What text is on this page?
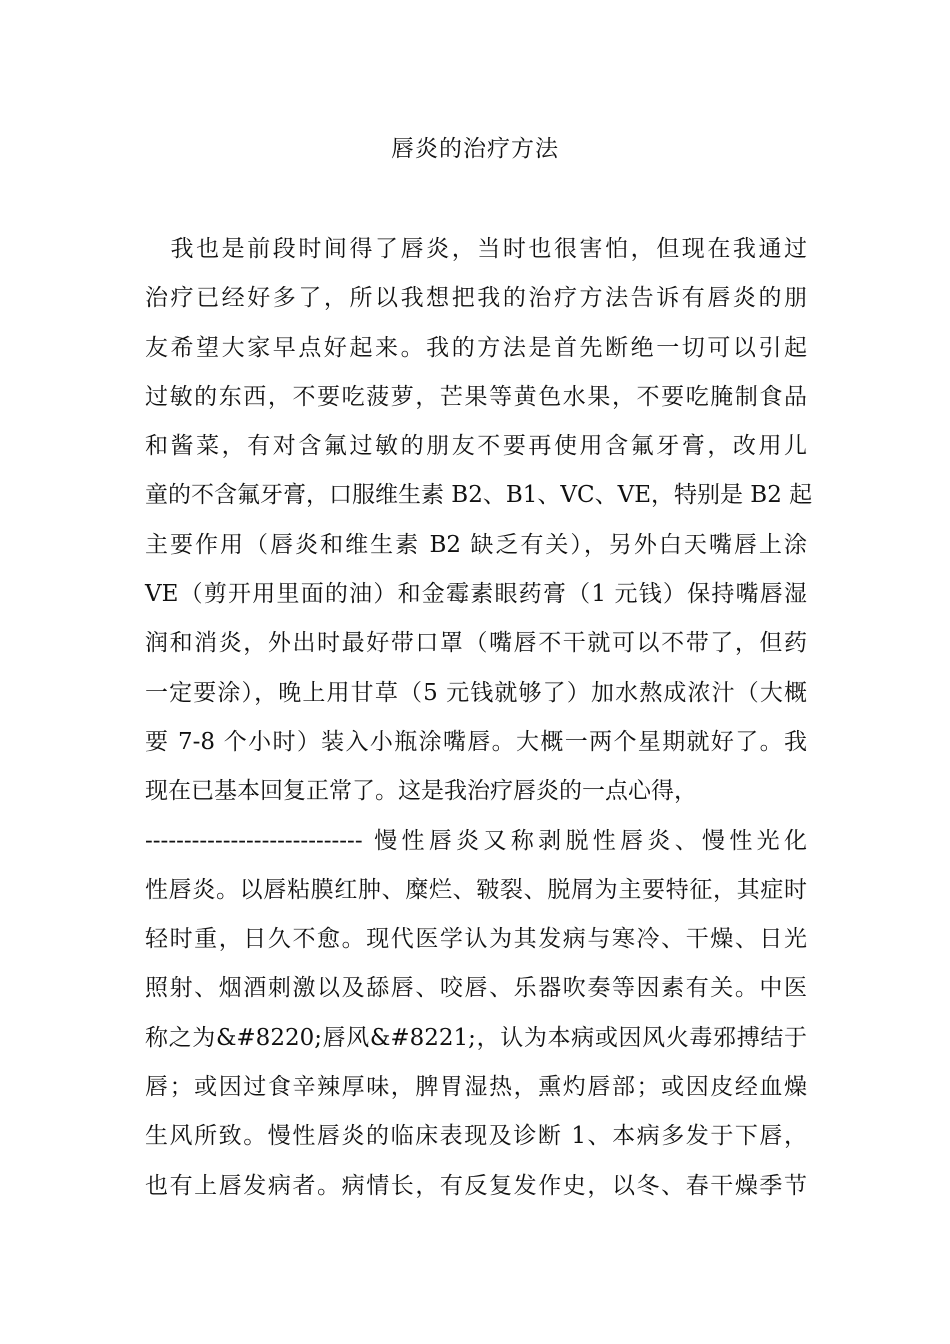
唇炎的治疗方法
　我也是前段时间得了唇炎，当时也很害怕，但现在我通过
治疗已经好多了，所以我想把我的治疗方法告诉有唇炎的朋
友希望大家早点好起来。我的方法是首先断绝一切可以引起
过敏的东西，不要吃菠萝，芒果等黄色水果，不要吃腌制食品
和酱菜，有对含氟过敏的朋友不要再使用含氟牙膏，改用儿
童的不含氟牙膏，口服维生素 B2、B1、VC、VE，特别是 B2 起
主要作用（唇炎和维生素 B2 缺乏有关），另外白天嘴唇上涂
VE（剪开用里面的油）和金霉素眼药膏（1 元钱）保持嘴唇湿
润和消炎，外出时最好带口罩（嘴唇不干就可以不带了，但药
一定要涂），晚上用甘草（5 元钱就够了）加水熬成浓汁（大概
要 7-8 个小时）装入小瓶涂嘴唇。大概一两个星期就好了。我
现在已基本回复正常了。这是我治疗唇炎的一点心得，
---------------------------- 慢性唇炎又称剥脱性唇炎、慢性光化
性唇炎。以唇粘膜红肿、糜烂、皲裂、脱屑为主要特征，其症时
轻时重，日久不愈。现代医学认为其发病与寒冷、干燥、日光
照射、烟酒刺激以及舔唇、咬唇、乐器吹奏等因素有关。中医
称之为&#8220;唇风&#8221;，认为本病或因风火毒邪搏结于
唇；或因过食辛辣厚味，脾胃湿热，熏灼唇部；或因皮经血燥
生风所致。慢性唇炎的临床表现及诊断 1、本病多发于下唇，
也有上唇发病者。病情长，有反复发作史，以冬、春干燥季节
